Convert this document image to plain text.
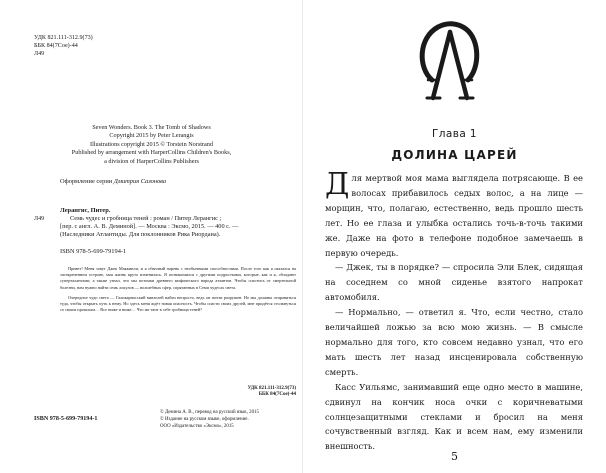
УДК 821.111-312.9(73)
ББК 84(7Сое)-44
Л49
Seven Wonders. Book 3. The Tomb of Shadows
Copyright 2015 by Peter Lerangis
Illustrations copyright 2015 © Torstein Norstrand
Published by arrangement with HarperCollins Children's Books,
a division of HarperCollins Publishers
Оформление серии Дмитрия Сазонова
Лерангис, Питер.
Л49	Семь чудес и гробница теней : роман / Питер Лерангис ;
[пер. с англ. А. В. Деминой]. — Москва : Эксмо, 2015. — 400 с. —
(Наследники Атлантиды. Для поклонников Рика Риордана).
ISBN 978-5-699-79194-1

Привет! Меня зовут Джек Маккинли, и я обычный парень с необычными способностями. После того как я оказался на засекреченном острове, моя жизнь круто изменилась. Я познакомился с другими подростками, которые, как и я, обладают суперталантами, а также узнал, что мы потомки древнего мифического народа атлантов. Чтобы спастись от смертельной болезни, нам нужно найти семь локулов — волшебных сфер, спрятанных в Семи чудесах света.

Очередное чудо света — Галикарнасский мавзолей найти непросто, ведь он почти разрушен. Но мы должны отправиться туда, чтобы открыть путь к нему. Но здесь меня ждёт новая опасность. Чтобы спасти своих друзей, мне придётся столкнуться со своим прошлым… Все ниже и ниже… Что же таит в себе гробница теней?

УДК 821.111-312.9(73)
ББК 84(7Сое)-44
ISBN 978-5-699-79194-1
© Демина А. В., перевод на русский язык, 2015
© Издание на русском языке, оформление.
ООО «Издательство «Эксмо», 2015
Глава 1
ДОЛИНА ЦАРЕЙ

Для мертвой моя мама выглядела потрясающе. В ее волосах прибавилось седых волос, а на лице — морщин, что, полагаю, естественно, ведь прошло шесть лет. Но ее глаза и улыбка остались точь-в-точь такими же. Даже на фото в телефоне подобное замечаешь в первую очередь.

— Джек, ты в порядке? — спросила Эли Блек, сидящая на соседнем со мной сиденье взятого напрокат автомобиля.

— Нормально, — ответил я. Что, если честно, стало величайшей ложью за всю мою жизнь. — В смысле нормально для того, кто совсем недавно узнал, что его мать шесть лет назад инсценировала собственную смерть.

Касс Уильямс, занимавший еще одно место в машине, сдвинул на кончик носа очки с коричневатыми солнцезащитными стеклами и бросил на меня сочувственный взгляд. Как и всем нам, ему изменили внешность.

5
